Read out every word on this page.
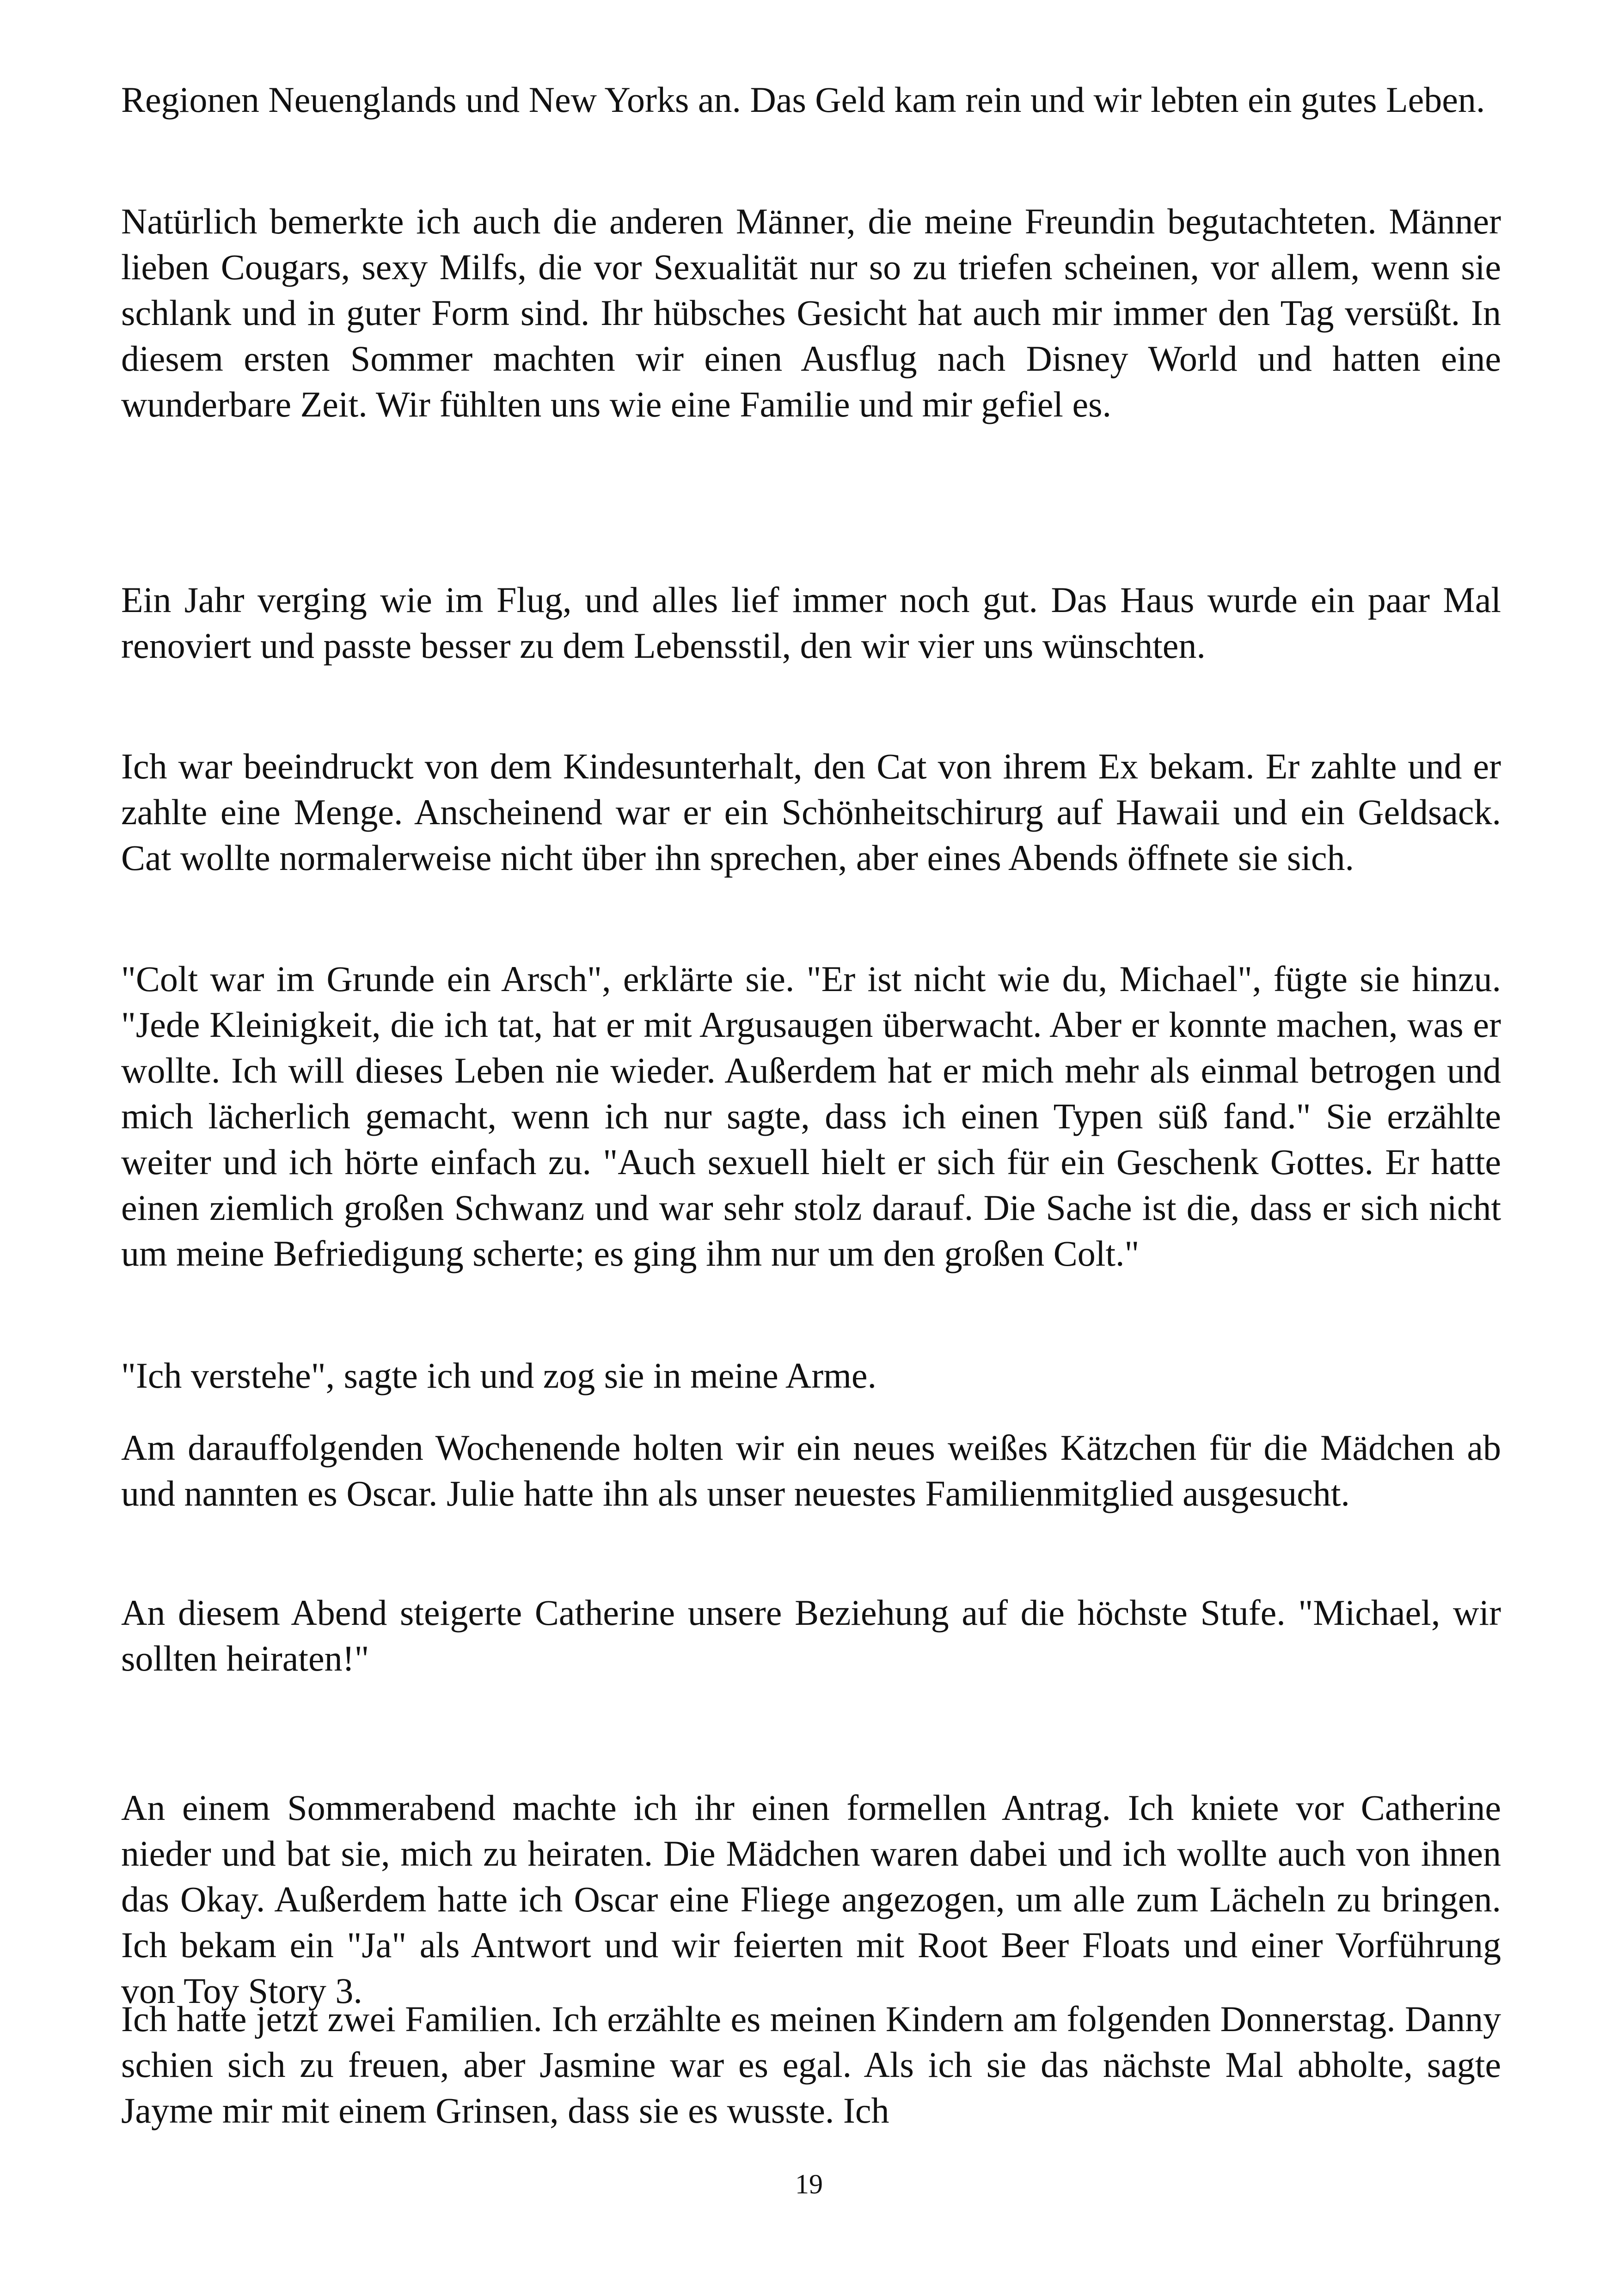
Regionen Neuenglands und New Yorks an. Das Geld kam rein und wir lebten ein gutes Leben.

Natürlich bemerkte ich auch die anderen Männer, die meine Freundin begutachteten. Männer lieben Cougars, sexy Milfs, die vor Sexualität nur so zu triefen scheinen, vor allem, wenn sie schlank und in guter Form sind. Ihr hübsches Gesicht hat auch mir immer den Tag versüßt. In diesem ersten Sommer machten wir einen Ausflug nach Disney World und hatten eine wunderbare Zeit. Wir fühlten uns wie eine Familie und mir gefiel es.

Ein Jahr verging wie im Flug, und alles lief immer noch gut. Das Haus wurde ein paar Mal renoviert und passte besser zu dem Lebensstil, den wir vier uns wünschten.

Ich war beeindruckt von dem Kindesunterhalt, den Cat von ihrem Ex bekam. Er zahlte und er zahlte eine Menge. Anscheinend war er ein Schönheitschirurg auf Hawaii und ein Geldsack. Cat wollte normalerweise nicht über ihn sprechen, aber eines Abends öffnete sie sich.

"Colt war im Grunde ein Arsch", erklärte sie. "Er ist nicht wie du, Michael", fügte sie hinzu. "Jede Kleinigkeit, die ich tat, hat er mit Argusaugen überwacht. Aber er konnte machen, was er wollte. Ich will dieses Leben nie wieder. Außerdem hat er mich mehr als einmal betrogen und mich lächerlich gemacht, wenn ich nur sagte, dass ich einen Typen süß fand." Sie erzählte weiter und ich hörte einfach zu. "Auch sexuell hielt er sich für ein Geschenk Gottes. Er hatte einen ziemlich großen Schwanz und war sehr stolz darauf. Die Sache ist die, dass er sich nicht um meine Befriedigung scherte; es ging ihm nur um den großen Colt."

"Ich verstehe", sagte ich und zog sie in meine Arme.

Am darauffolgenden Wochenende holten wir ein neues weißes Kätzchen für die Mädchen ab und nannten es Oscar. Julie hatte ihn als unser neuestes Familienmitglied ausgesucht.

An diesem Abend steigerte Catherine unsere Beziehung auf die höchste Stufe. "Michael, wir sollten heiraten!"

An einem Sommerabend machte ich ihr einen formellen Antrag. Ich kniete vor Catherine nieder und bat sie, mich zu heiraten. Die Mädchen waren dabei und ich wollte auch von ihnen das Okay. Außerdem hatte ich Oscar eine Fliege angezogen, um alle zum Lächeln zu bringen. Ich bekam ein "Ja" als Antwort und wir feierten mit Root Beer Floats und einer Vorführung von Toy Story 3.

Ich hatte jetzt zwei Familien. Ich erzählte es meinen Kindern am folgenden Donnerstag. Danny schien sich zu freuen, aber Jasmine war es egal. Als ich sie das nächste Mal abholte, sagte Jayme mir mit einem Grinsen, dass sie es wusste. Ich

19
